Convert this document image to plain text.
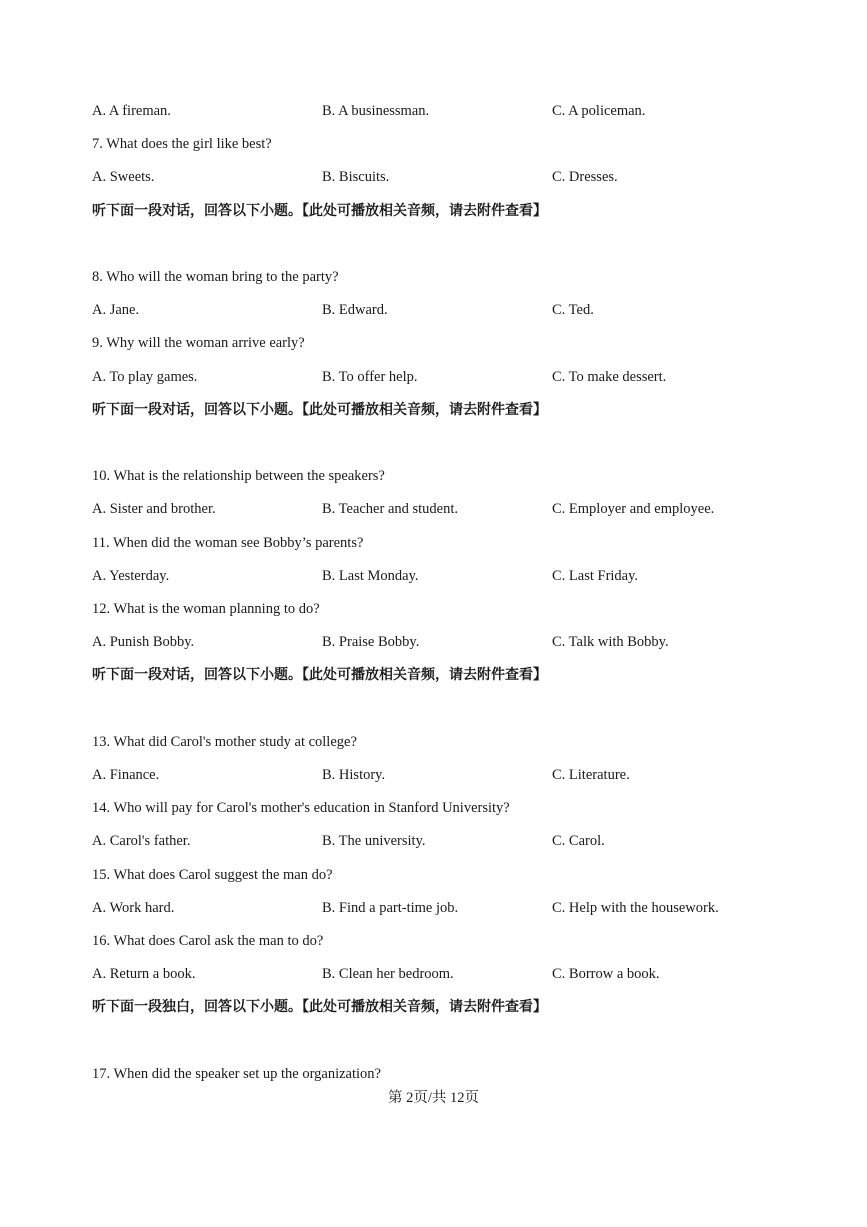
A. A fireman.	B. A businessman.	C. A policeman.
7. What does the girl like best?
A. Sweets.	B. Biscuits.	C. Dresses.
听下面一段对话，回答以下小题。【此处可播放相关音频，请去附件查看】
8. Who will the woman bring to the party?
A. Jane.	B. Edward.	C. Ted.
9. Why will the woman arrive early?
A. To play games.	B. To offer help.	C. To make dessert.
听下面一段对话，回答以下小题。【此处可播放相关音频，请去附件查看】
10. What is the relationship between the speakers?
A. Sister and brother.	B. Teacher and student.	C. Employer and employee.
11. When did the woman see Bobby’s parents?
A. Yesterday.	B. Last Monday.	C. Last Friday.
12. What is the woman planning to do?
A. Punish Bobby.	B. Praise Bobby.	C. Talk with Bobby.
听下面一段对话，回答以下小题。【此处可播放相关音频，请去附件查看】
13. What did Carol's mother study at college?
A. Finance.	B. History.	C. Literature.
14. Who will pay for Carol's mother's education in Stanford University?
A. Carol's father.	B. The university.	C. Carol.
15. What does Carol suggest the man do?
A. Work hard.	B. Find a part-time job.	C. Help with the housework.
16. What does Carol ask the man to do?
A. Return a book.	B. Clean her bedroom.	C. Borrow a book.
听下面一段独白，回答以下小题。【此处可播放相关音频，请去附件查看】
17. When did the speaker set up the organization?
第 2页/共 12页
